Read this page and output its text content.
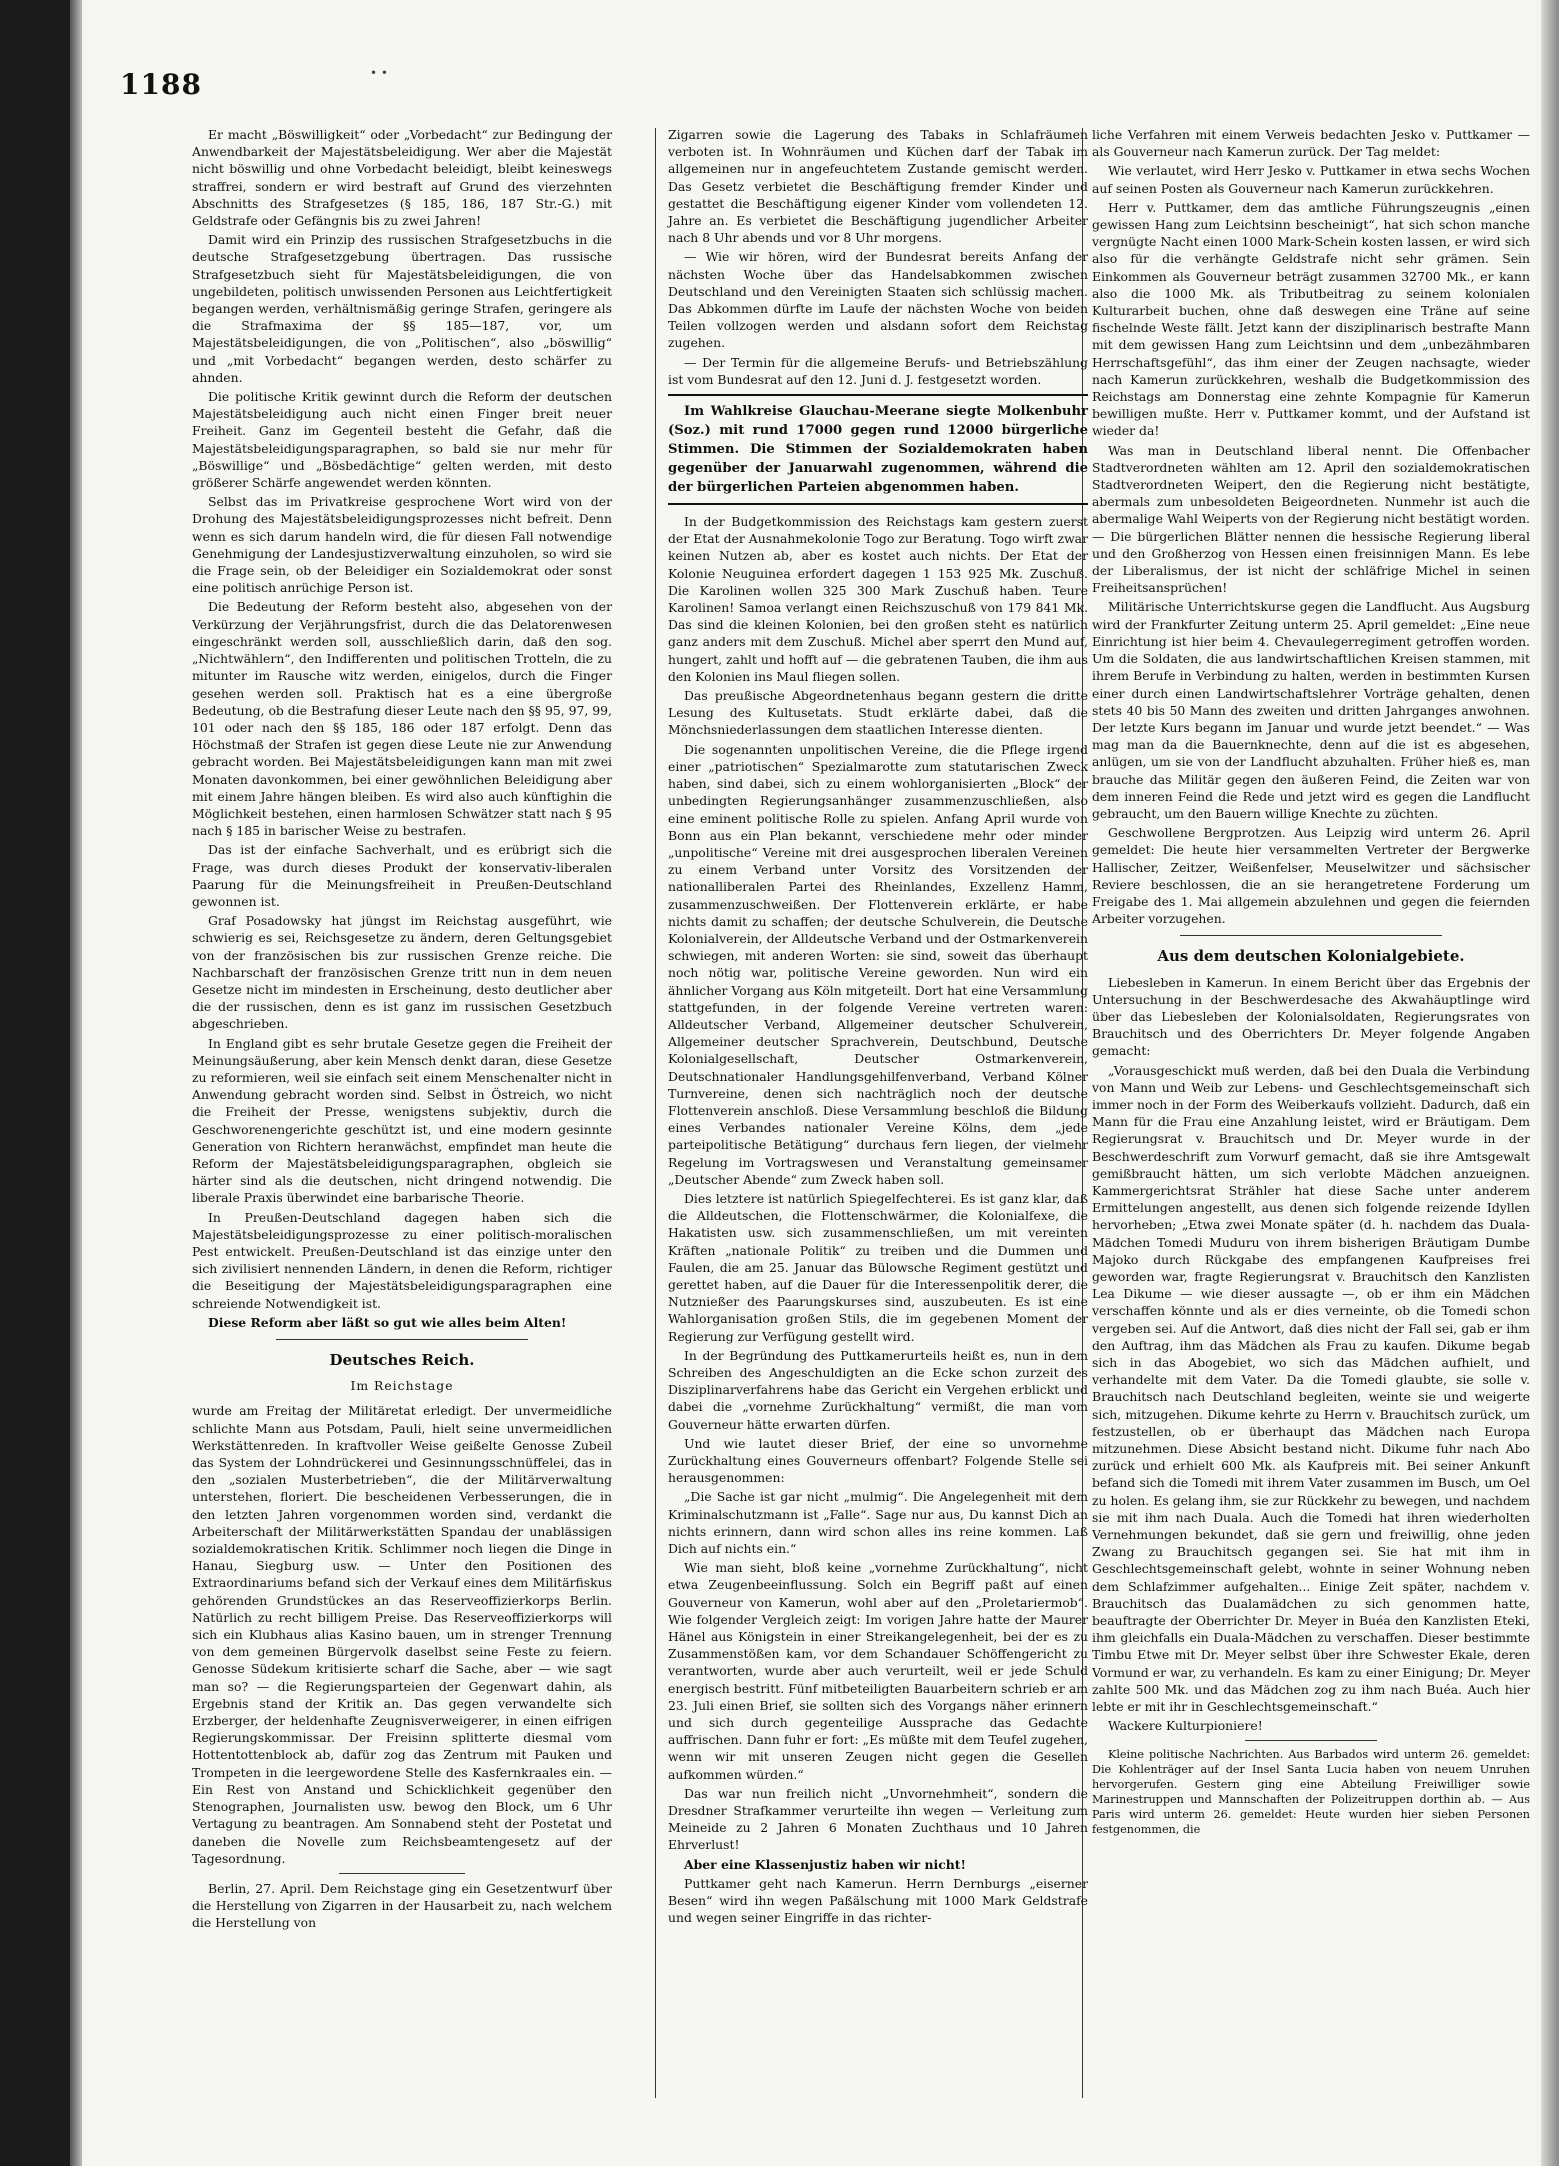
1188	• •

Er macht „Böswilligkeit“ oder „Vorbedacht“ zur Bedingung der Anwendbarkeit der Majestätsbeleidigung. Wer aber die Majestät nicht böswillig und ohne Vorbedacht beleidigt, bleibt keineswegs straffrei, sondern er wird bestraft auf Grund des vierzehnten Abschnitts des Strafgesetzes (§ 185, 186, 187 Str.-G.) mit Geldstrafe oder Gefängnis bis zu zwei Jahren!

Damit wird ein Prinzip des russischen Strafgesetzbuchs in die deutsche Strafgesetzgebung übertragen. Das russische Strafgesetzbuch sieht für Majestätsbeleidigungen, die von ungebildeten, politisch unwissenden Personen aus Leichtfertigkeit begangen werden, verhältnismäßig geringe Strafen, geringere als die Strafmaxima der §§ 185—187, vor, um Majestätsbeleidigungen, die von „Politischen“, also „böswillig“ und „mit Vorbedacht“ begangen werden, desto schärfer zu ahnden.

Die politische Kritik gewinnt durch die Reform der deutschen Majestätsbeleidigung auch nicht einen Finger breit neuer Freiheit. Ganz im Gegenteil besteht die Gefahr, daß die Majestätsbeleidigungsparagraphen, so bald sie nur mehr für „Böswillige“ und „Bösbedächtige“ gelten werden, mit desto größerer Schärfe angewendet werden könnten.

Selbst das im Privatkreise gesprochene Wort wird von der Drohung des Majestätsbeleidigungsprozesses nicht befreit. Denn wenn es sich darum handeln wird, die für diesen Fall notwendige Genehmigung der Landesjustizverwaltung einzuholen, so wird sie die Frage sein, ob der Beleidiger ein Sozialdemokrat oder sonst eine politisch anrüchige Person ist.

Die Bedeutung der Reform besteht also, abgesehen von der Verkürzung der Verjährungsfrist, durch die das Delatorenwesen eingeschränkt werden soll, ausschließlich darin, daß den sog. „Nichtwählern“, den Indifferenten und politischen Trotteln, die zu mitunter im Rausche witz werden, einigelos, durch die Finger gesehen werden soll. Praktisch hat es a eine übergroße Bedeutung, ob die Bestrafung dieser Leute nach den §§ 95, 97, 99, 101 oder nach den §§ 185, 186 oder 187 erfolgt. Denn das Höchstmaß der Strafen ist gegen diese Leute nie zur Anwendung gebracht worden. Bei Majestätsbeleidigungen kann man mit zwei Monaten davonkommen, bei einer gewöhnlichen Beleidigung aber mit einem Jahre hängen bleiben. Es wird also auch künftighin die Möglichkeit bestehen, einen harmlosen Schwätzer statt nach § 95 nach § 185 in barischer Weise zu bestrafen.

Das ist der einfache Sachverhalt, und es erübrigt sich die Frage, was durch dieses Produkt der konservativ-liberalen Paarung für die Meinungsfreiheit in Preußen-Deutschland gewonnen ist.

Graf Posadowsky hat jüngst im Reichstag ausgeführt, wie schwierig es sei, Reichsgesetze zu ändern, deren Geltungsgebiet von der französischen bis zur russischen Grenze reiche. Die Nachbarschaft der französischen Grenze tritt nun in dem neuen Gesetze nicht im mindesten in Erscheinung, desto deutlicher aber die der russischen, denn es ist ganz im russischen Gesetzbuch abgeschrieben.

In England gibt es sehr brutale Gesetze gegen die Freiheit der Meinungsäußerung, aber kein Mensch denkt daran, diese Gesetze zu reformieren, weil sie einfach seit einem Menschenalter nicht in Anwendung gebracht worden sind. Selbst in Östreich, wo nicht die Freiheit der Presse, wenigstens subjektiv, durch die Geschworenengerichte geschützt ist, und eine modern gesinnte Generation von Richtern heranwächst, empfindet man heute die Reform der Majestätsbeleidigungsparagraphen, obgleich sie härter sind als die deutschen, nicht dringend notwendig. Die liberale Praxis überwindet eine barbarische Theorie.

In Preußen-Deutschland dagegen haben sich die Majestätsbeleidigungsprozesse zu einer politisch-moralischen Pest entwickelt. Preußen-Deutschland ist das einzige unter den sich zivilisiert nennenden Ländern, in denen die Reform, richtiger die Beseitigung der Majestätsbeleidigungsparagraphen eine schreiende Notwendigkeit ist.

Diese Reform aber läßt so gut wie alles beim Alten!

Deutsches Reich.
Im Reichstage

wurde am Freitag der Militäretat erledigt. Der unvermeidliche schlichte Mann aus Potsdam, Pauli, hielt seine unvermeidlichen Werkstättenreden. In kraftvoller Weise geißelte Genosse Zubeil das System der Lohndrückerei und Gesinnungsschnüffelei, das in den „sozialen Musterbetrieben“, die der Militärverwaltung unterstehen, floriert. Die bescheidenen Verbesserungen, die in den letzten Jahren vorgenommen worden sind, verdankt die Arbeiterschaft der Militärwerkstätten Spandau der unablässigen sozialdemokratischen Kritik. Schlimmer noch liegen die Dinge in Hanau, Siegburg usw. — Unter den Positionen des Extraordinariums befand sich der Verkauf eines dem Militärfiskus gehörenden Grundstückes an das Reserveoffizierkorps Berlin. Natürlich zu recht billigem Preise. Das Reserveoffizierkorps will sich ein Klubhaus alias Kasino bauen, um in strenger Trennung von dem gemeinen Bürgervolk daselbst seine Feste zu feiern. Genosse Südekum kritisierte scharf die Sache, aber — wie sagt man so? — die Regierungsparteien der Gegenwart dahin, als Ergebnis stand der Kritik an. Das gegen verwandelte sich Erzberger, der heldenhafte Zeugnisverweigerer, in einen eifrigen Regierungskommissar. Der Freisinn splitterte diesmal vom Hottentottenblock ab, dafür zog das Zentrum mit Pauken und Trompeten in die leergewordene Stelle des Kasfernkraales ein. — Ein Rest von Anstand und Schicklichkeit gegenüber den Stenographen, Journalisten usw. bewog den Block, um 6 Uhr Vertagung zu beantragen. Am Sonnabend steht der Postetat und daneben die Novelle zum Reichsbeamtengesetz auf der Tagesordnung.

Berlin, 27. April. Dem Reichstage ging ein Gesetzentwurf über die Herstellung von Zigarren in der Hausarbeit zu, nach welchem die Herstellung von

Zigarren sowie die Lagerung des Tabaks in Schlafräumen verboten ist. In Wohnräumen und Küchen darf der Tabak im allgemeinen nur in angefeuchtetem Zustande gemischt werden. Das Gesetz verbietet die Beschäftigung fremder Kinder und gestattet die Beschäftigung eigener Kinder vom vollendeten 12. Jahre an. Es verbietet die Beschäftigung jugendlicher Arbeiter nach 8 Uhr abends und vor 8 Uhr morgens.

— Wie wir hören, wird der Bundesrat bereits Anfang der nächsten Woche über das Handelsabkommen zwischen Deutschland und den Vereinigten Staaten sich schlüssig machen. Das Abkommen dürfte im Laufe der nächsten Woche von beiden Teilen vollzogen werden und alsdann sofort dem Reichstag zugehen.

— Der Termin für die allgemeine Berufs- und Betriebszählung ist vom Bundesrat auf den 12. Juni d. J. festgesetzt worden.

Im Wahlkreise Glauchau-Meerane siegte Molkenbuhr (Soz.) mit rund 17000 gegen rund 12000 bürgerliche Stimmen. Die Stimmen der Sozialdemokraten haben gegenüber der Januarwahl zugenommen, während die der bürgerlichen Parteien abgenommen haben.

In der Budgetkommission des Reichstags kam gestern zuerst der Etat der Ausnahmekolonie Togo zur Beratung. Togo wirft zwar keinen Nutzen ab, aber es kostet auch nichts. Der Etat der Kolonie Neuguinea erfordert dagegen 1 153 925 Mk. Zuschuß. Die Karolinen wollen 325 300 Mark Zuschuß haben. Teure Karolinen! Samoa verlangt einen Reichszuschuß von 179 841 Mk. Das sind die kleinen Kolonien, bei den großen steht es natürlich ganz anders mit dem Zuschuß. Michel aber sperrt den Mund auf, hungert, zahlt und hofft auf — die gebratenen Tauben, die ihm aus den Kolonien ins Maul fliegen sollen.

Das preußische Abgeordnetenhaus begann gestern die dritte Lesung des Kultusetats. Studt erklärte dabei, daß die Mönchsniederlassungen dem staatlichen Interesse dienten.

Die sogenannten unpolitischen Vereine, die die Pflege irgend einer „patriotischen“ Spezialmarotte zum statutarischen Zweck haben, sind dabei, sich zu einem wohlorganisierten „Block“ der unbedingten Regierungsanhänger zusammenzuschließen, also eine eminent politische Rolle zu spielen. Anfang April wurde von Bonn aus ein Plan bekannt, verschiedene mehr oder minder „unpolitische“ Vereine mit drei ausgesprochen liberalen Vereinen zu einem Verband unter Vorsitz des Vorsitzenden der nationalliberalen Partei des Rheinlandes, Exzellenz Hamm, zusammenzuschweißen. Der Flottenverein erklärte, er habe nichts damit zu schaffen; der deutsche Schulverein, die Deutsche Kolonialverein, der Alldeutsche Verband und der Ostmarkenverein schwiegen, mit anderen Worten: sie sind, soweit das überhaupt noch nötig war, politische Vereine geworden. Nun wird ein ähnlicher Vorgang aus Köln mitgeteilt. Dort hat eine Versammlung stattgefunden, in der folgende Vereine vertreten waren: Alldeutscher Verband, Allgemeiner deutscher Schulverein, Allgemeiner deutscher Sprachverein, Deutschbund, Deutsche Kolonialgesellschaft, Deutscher Ostmarkenverein, Deutschnationaler Handlungsgehilfenverband, Verband Kölner Turnvereine, denen sich nachträglich noch der deutsche Flottenverein anschloß. Diese Versammlung beschloß die Bildung eines Verbandes nationaler Vereine Kölns, dem „jede parteipolitische Betätigung“ durchaus fern liegen, der vielmehr Regelung im Vortragswesen und Veranstaltung gemeinsamer „Deutscher Abende“ zum Zweck haben soll.

Dies letztere ist natürlich Spiegelfechterei. Es ist ganz klar, daß die Alldeutschen, die Flottenschwärmer, die Kolonialfexe, die Hakatisten usw. sich zusammenschließen, um mit vereinten Kräften „nationale Politik“ zu treiben und die Dummen und Faulen, die am 25. Januar das Bülowsche Regiment gestützt und gerettet haben, auf die Dauer für die Interessenpolitik derer, die Nutznießer des Paarungskurses sind, auszubeuten. Es ist eine Wahlorganisation großen Stils, die im gegebenen Moment der Regierung zur Verfügung gestellt wird.

In der Begründung des Puttkamerurteils heißt es, nun in dem Schreiben des Angeschuldigten an die Ecke schon zurzeit des Disziplinarverfahrens habe das Gericht ein Vergehen erblickt und dabei die „vornehme Zurückhaltung“ vermißt, die man vom Gouverneur hätte erwarten dürfen.

Und wie lautet dieser Brief, der eine so unvornehme Zurückhaltung eines Gouverneurs offenbart? Folgende Stelle sei herausgenommen:

„Die Sache ist gar nicht „mulmig“. Die Angelegenheit mit dem Kriminalschutzmann ist „Falle“. Sage nur aus, Du kannst Dich an nichts erinnern, dann wird schon alles ins reine kommen. Laß Dich auf nichts ein.“

Wie man sieht, bloß keine „vornehme Zurückhaltung“, nicht etwa Zeugenbeeinflussung. Solch ein Begriff paßt auf einen Gouverneur von Kamerun, wohl aber auf den „Proletariermob“. Wie folgender Vergleich zeigt: Im vorigen Jahre hatte der Maurer Hänel aus Königstein in einer Streikangelegenheit, bei der es zu Zusammenstößen kam, vor dem Schandauer Schöffengericht zu verantworten, wurde aber auch verurteilt, weil er jede Schuld energisch bestritt. Fünf mitbeteiligten Bauarbeitern schrieb er am 23. Juli einen Brief, sie sollten sich des Vorgangs näher erinnern und sich durch gegenteilige Aussprache das Gedachte auffrischen. Dann fuhr er fort: „Es müßte mit dem Teufel zugehen, wenn wir mit unseren Zeugen nicht gegen die Gesellen aufkommen würden.“

Das war nun freilich nicht „Unvornehmheit“, sondern die Dresdner Strafkammer verurteilte ihn wegen — Verleitung zum Meineide zu 2 Jahren 6 Monaten Zuchthaus und 10 Jahren Ehrverlust!

Aber eine Klassenjustiz haben wir nicht!

Puttkamer geht nach Kamerun. Herrn Dernburgs „eiserner Besen“ wird ihn wegen Paßälschung mit 1000 Mark Geldstrafe und wegen seiner Eingriffe in das richter-

liche Verfahren mit einem Verweis bedachten Jesko v. Puttkamer — als Gouverneur nach Kamerun zurück. Der Tag meldet:

Wie verlautet, wird Herr Jesko v. Puttkamer in etwa sechs Wochen auf seinen Posten als Gouverneur nach Kamerun zurückkehren.

Herr v. Puttkamer, dem das amtliche Führungszeugnis „einen gewissen Hang zum Leichtsinn bescheinigt“, hat sich schon manche vergnügte Nacht einen 1000 Mark-Schein kosten lassen, er wird sich also für die verhängte Geldstrafe nicht sehr grämen. Sein Einkommen als Gouverneur beträgt zusammen 32700 Mk., er kann also die 1000 Mk. als Tributbeitrag zu seinem kolonialen Kulturarbeit buchen, ohne daß deswegen eine Träne auf seine fischelnde Weste fällt. Jetzt kann der disziplinarisch bestrafte Mann mit dem gewissen Hang zum Leichtsinn und dem „unbezähmbaren Herrschaftsgefühl“, das ihm einer der Zeugen nachsagte, wieder nach Kamerun zurückkehren, weshalb die Budgetkommission des Reichstags am Donnerstag eine zehnte Kompagnie für Kamerun bewilligen mußte. Herr v. Puttkamer kommt, und der Aufstand ist wieder da!

Was man in Deutschland liberal nennt. Die Offenbacher Stadtverordneten wählten am 12. April den sozialdemokratischen Stadtverordneten Weipert, den die Regierung nicht bestätigte, abermals zum unbesoldeten Beigeordneten. Nunmehr ist auch die abermalige Wahl Weiperts von der Regierung nicht bestätigt worden. — Die bürgerlichen Blätter nennen die hessische Regierung liberal und den Großherzog von Hessen einen freisinnigen Mann. Es lebe der Liberalismus, der ist nicht der schläfrige Michel in seinen Freiheitsansprüchen!

Militärische Unterrichtskurse gegen die Landflucht. Aus Augsburg wird der Frankfurter Zeitung unterm 25. April gemeldet: „Eine neue Einrichtung ist hier beim 4. Chevaulegerregiment getroffen worden. Um die Soldaten, die aus landwirtschaftlichen Kreisen stammen, mit ihrem Berufe in Verbindung zu halten, werden in bestimmten Kursen einer durch einen Landwirtschaftslehrer Vorträge gehalten, denen stets 40 bis 50 Mann des zweiten und dritten Jahrganges anwohnen. Der letzte Kurs begann im Januar und wurde jetzt beendet.“ — Was mag man da die Bauernknechte, denn auf die ist es abgesehen, anlügen, um sie von der Landflucht abzuhalten. Früher hieß es, man brauche das Militär gegen den äußeren Feind, die Zeiten war von dem inneren Feind die Rede und jetzt wird es gegen die Landflucht gebraucht, um den Bauern willige Knechte zu züchten.

Geschwollene Bergprotzen. Aus Leipzig wird unterm 26. April gemeldet: Die heute hier versammelten Vertreter der Bergwerke Hallischer, Zeitzer, Weißenfelser, Meuselwitzer und sächsischer Reviere beschlossen, die an sie herangetretene Forderung um Freigabe des 1. Mai allgemein abzulehnen und gegen die feiernden Arbeiter vorzugehen.

Aus dem deutschen Kolonialgebiete.

Liebesleben in Kamerun. In einem Bericht über das Ergebnis der Untersuchung in der Beschwerdesache des Akwahäuptlinge wird über das Liebesleben der Kolonialsoldaten, Regierungsrates von Brauchitsch und des Oberrichters Dr. Meyer folgende Angaben gemacht:

„Vorausgeschickt muß werden, daß bei den Duala die Verbindung von Mann und Weib zur Lebens- und Geschlechtsgemeinschaft sich immer noch in der Form des Weiberkaufs vollzieht. Dadurch, daß ein Mann für die Frau eine Anzahlung leistet, wird er Bräutigam. Dem Regierungsrat v. Brauchitsch und Dr. Meyer wurde in der Beschwerdeschrift zum Vorwurf gemacht, daß sie ihre Amtsgewalt gemißbraucht hätten, um sich verlobte Mädchen anzueignen. Kammergerichtsrat Strähler hat diese Sache unter anderem Ermittelungen angestellt, aus denen sich folgende reizende Idyllen hervorheben; „Etwa zwei Monate später (d. h. nachdem das Duala-Mädchen Tomedi Muduru von ihrem bisherigen Bräutigam Dumbe Majoko durch Rückgabe des empfangenen Kaufpreises frei geworden war, fragte Regierungsrat v. Brauchitsch den Kanzlisten Lea Dikume — wie dieser aussagte —, ob er ihm ein Mädchen verschaffen könnte und als er dies verneinte, ob die Tomedi schon vergeben sei. Auf die Antwort, daß dies nicht der Fall sei, gab er ihm den Auftrag, ihm das Mädchen als Frau zu kaufen. Dikume begab sich in das Abogebiet, wo sich das Mädchen aufhielt, und verhandelte mit dem Vater. Da die Tomedi glaubte, sie solle v. Brauchitsch nach Deutschland begleiten, weinte sie und weigerte sich, mitzugehen. Dikume kehrte zu Herrn v. Brauchitsch zurück, um festzustellen, ob er überhaupt das Mädchen nach Europa mitzunehmen. Diese Absicht bestand nicht. Dikume fuhr nach Abo zurück und erhielt 600 Mk. als Kaufpreis mit. Bei seiner Ankunft befand sich die Tomedi mit ihrem Vater zusammen im Busch, um Oel zu holen. Es gelang ihm, sie zur Rückkehr zu bewegen, und nachdem sie mit ihm nach Duala. Auch die Tomedi hat ihren wiederholten Vernehmungen bekundet, daß sie gern und freiwillig, ohne jeden Zwang zu Brauchitsch gegangen sei. Sie hat mit ihm in Geschlechtsgemeinschaft gelebt, wohnte in seiner Wohnung neben dem Schlafzimmer aufgehalten... Einige Zeit später, nachdem v. Brauchitsch das Dualamädchen zu sich genommen hatte, beauftragte der Oberrichter Dr. Meyer in Buéa den Kanzlisten Eteki, ihm gleichfalls ein Duala-Mädchen zu verschaffen. Dieser bestimmte Timbu Etwe mit Dr. Meyer selbst über ihre Schwester Ekale, deren Vormund er war, zu verhandeln. Es kam zu einer Einigung; Dr. Meyer zahlte 500 Mk. und das Mädchen zog zu ihm nach Buéa. Auch hier lebte er mit ihr in Geschlechtsgemeinschaft.“

Wackere Kulturpioniere!

Kleine politische Nachrichten. Aus Barbados wird unterm 26. gemeldet: Die Kohlenträger auf der Insel Santa Lucia haben von neuem Unruhen hervorgerufen. Gestern ging eine Abteilung Freiwilliger sowie Marinestruppen und Mannschaften der Polizeitruppen dorthin ab. — Aus Paris wird unterm 26. gemeldet: Heute wurden hier sieben Personen festgenommen, die
